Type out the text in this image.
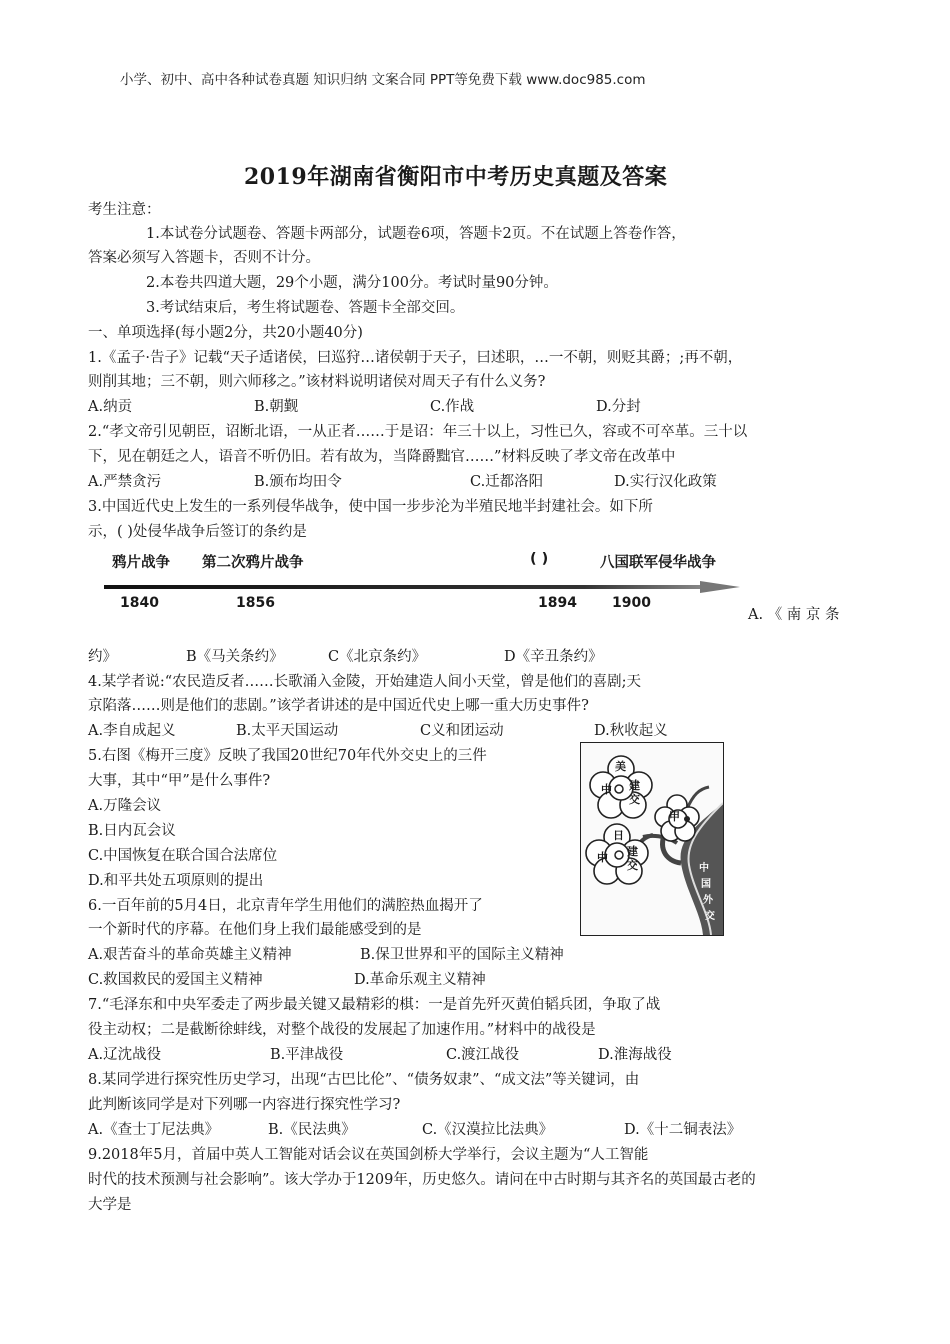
小学、初中、高中各种试卷真题 知识归纳 文案合同 PPT等免费下载 www.doc985.com
2019年湖南省衡阳市中考历史真题及答案
考生注意：
1.本试卷分试题卷、答题卡两部分，试题卷6项，答题卡2页。不在试题上答卷作答，
答案必须写入答题卡，否则不计分。
2.本卷共四道大题，29个小题，满分100分。考试时量90分钟。
3.考试结束后，考生将试题卷、答题卡全部交回。
一、单项选择(每小题2分，共20小题40分)
1.《孟子·告子》记载“天子适诸侯，曰巡狩…诸侯朝于天子，曰述职，…一不朝，则贬其爵；;再不朝，
则削其地；三不朝，则六师移之。”该材料说明诸侯对周天子有什么义务?
A.纳贡	B.朝觐	C.作战	D.分封
2.“孝文帝引见朝臣，诏断北语，一从正者……于是诏：年三十以上，习性已久，容或不可卒革。三十以
下，见在朝廷之人，语音不听仍旧。若有故为，当降爵黜官……”材料反映了孝文帝在改革中
A.严禁贪污	B.颁布均田令	C.迁都洛阳	D.实行汉化政策
3.中国近代史上发生的一系列侵华战争，使中国一步步沦为半殖民地半封建社会。如下所
示，( )处侵华战争后签订的条约是
鸦片战争 第二次鸦片战争	( )	八国联军侵华战争
1840	1856	1894	1900
A. 《 南 京 条
约》	B《马关条约》	C《北京条约》	D《辛丑条约》
4.某学者说:“农民造反者……长歌涌入金陵，开始建造人间小天堂，曾是他们的喜剧;天
京陷落……则是他们的悲剧。”该学者讲述的是中国近代史上哪一重大历史事件?
A.李自成起义	B.太平天国运动	C义和团运动	D.秋收起义
5.右图《梅开三度》反映了我国20世纪70年代外交史上的三件
大事，其中“甲”是什么事件?
A.万隆会议
B.日内瓦会议
C.中国恢复在联合国合法席位
D.和平共处五项原则的提出
美
中 建
交
甲
日
中 建
交	中
国
外
交
6.一百年前的5月4日，北京青年学生用他们的满腔热血揭开了
一个新时代的序幕。在他们身上我们最能感受到的是
A.艰苦奋斗的革命英雄主义精神	B.保卫世界和平的国际主义精神
C.救国救民的爱国主义精神	D.革命乐观主义精神
7.“毛泽东和中央军委走了两步最关键又最精彩的棋：一是首先歼灭黄伯韬兵团，争取了战
役主动权；二是截断徐蚌线，对整个战役的发展起了加速作用。”材料中的战役是
A.辽沈战役	B.平津战役	C.渡江战役	D.淮海战役
8.某同学进行探究性历史学习，出现“古巴比伦”、“债务奴隶”、“成文法”等关键词，由
此判断该同学是对下列哪一内容进行探究性学习?
A.《查士丁尼法典》	B.《民法典》	C.《汉漠拉比法典》	D.《十二铜表法》
9.2018年5月，首届中英人工智能对话会议在英国剑桥大学举行，会议主题为“人工智能
时代的技术预测与社会影响”。该大学办于1209年，历史悠久。请问在中古时期与其齐名的英国最古老的
大学是
